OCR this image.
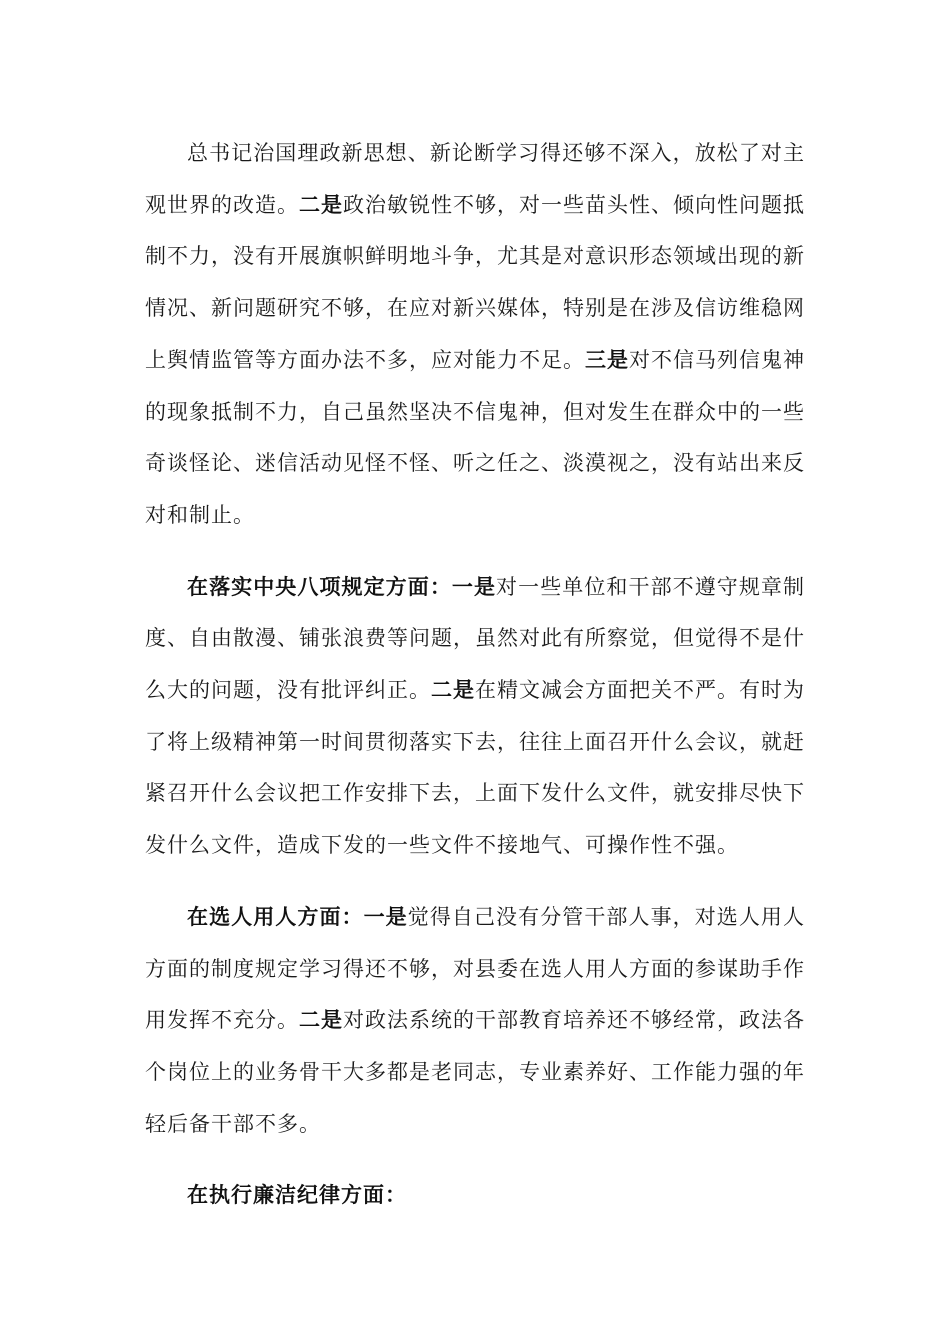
总书记治国理政新思想、新论断学习得还够不深入，放松了对主观世界的改造。二是政治敏锐性不够，对一些苗头性、倾向性问题抵制不力，没有开展旗帜鲜明地斗争，尤其是对意识形态领域出现的新情况、新问题研究不够，在应对新兴媒体，特别是在涉及信访维稳网上舆情监管等方面办法不多，应对能力不足。三是对不信马列信鬼神的现象抵制不力，自己虽然坚决不信鬼神，但对发生在群众中的一些奇谈怪论、迷信活动见怪不怪、听之任之、淡漠视之，没有站出来反对和制止。

在落实中央八项规定方面：一是对一些单位和干部不遵守规章制度、自由散漫、铺张浪费等问题，虽然对此有所察觉，但觉得不是什么大的问题，没有批评纠正。二是在精文减会方面把关不严。有时为了将上级精神第一时间贯彻落实下去，往往上面召开什么会议，就赶紧召开什么会议把工作安排下去，上面下发什么文件，就安排尽快下发什么文件，造成下发的一些文件不接地气、可操作性不强。

在选人用人方面：一是觉得自己没有分管干部人事，对选人用人方面的制度规定学习得还不够，对县委在选人用人方面的参谋助手作用发挥不充分。二是对政法系统的干部教育培养还不够经常，政法各个岗位上的业务骨干大多都是老同志，专业素养好、工作能力强的年轻后备干部不多。

在执行廉洁纪律方面：
